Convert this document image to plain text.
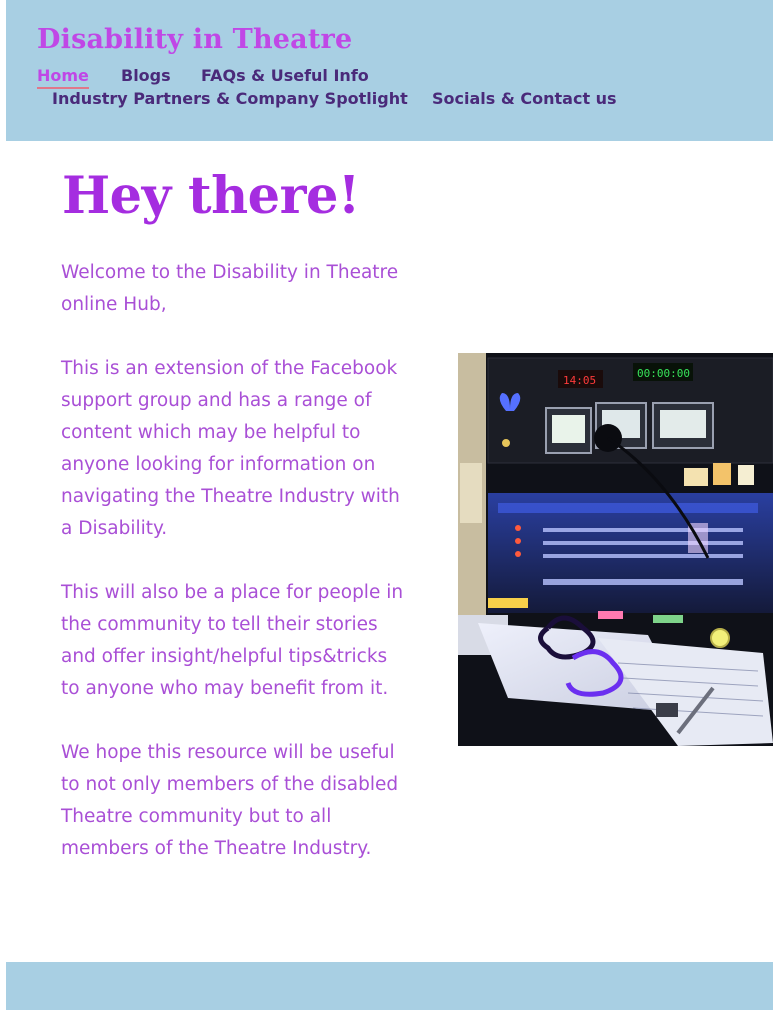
Disability in Theatre
Home Blogs FAQs & Useful Info
Industry Partners & Company Spotlight Socials & Contact us
Hey there!

Welcome to the Disability in Theatre online Hub,

This is an extension of the Facebook support group and has a range of content which may be helpful to anyone looking for information on navigating the Theatre Industry with a Disability.

This will also be a place for people in the community to tell their stories and offer insight/helpful tips&tricks to anyone who may benefit from it.

We hope this resource will be useful to not only members of the disabled Theatre community but to all members of the Theatre Industry.

14:05
00:00:00
